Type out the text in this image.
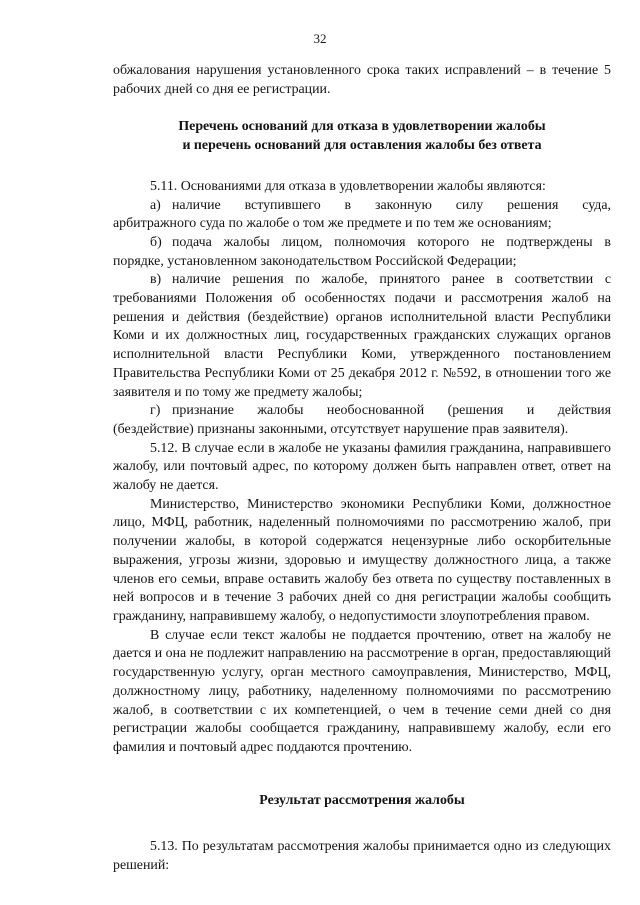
32

обжалования нарушения установленного срока таких исправлений – в течение 5 рабочих дней со дня ее регистрации.

Перечень оснований для отказа в удовлетворении жалобы

и перечень оснований для оставления жалобы без ответа

5.11. Основаниями для отказа в удовлетворении жалобы являются:

а) наличие вступившего в законную силу решения суда,

арбитражного суда по жалобе о том же предмете и по тем же основаниям;

б) подача жалобы лицом, полномочия которого не подтверждены в

порядке, установленном законодательством Российской Федерации;

в) наличие решения по жалобе, принятого ранее в соответствии с

требованиями Положения об особенностях подачи и рассмотрения жалоб на решения и действия (бездействие) органов исполнительной власти Республики Коми и их должностных лиц, государственных гражданских служащих органов исполнительной власти Республики Коми, утвержденного постановлением Правительства Республики Коми от 25 декабря 2012 г. №592, в отношении того же заявителя и по тому же предмету жалобы;

г) признание жалобы необоснованной (решения и действия

(бездействие) признаны законными, отсутствует нарушение прав заявителя).

5.12. В случае если в жалобе не указаны фамилия гражданина, направившего жалобу, или почтовый адрес, по которому должен быть направлен ответ, ответ на жалобу не дается.

Министерство, Министерство экономики Республики Коми, должностное лицо, МФЦ, работник, наделенный полномочиями по рассмотрению жалоб, при получении жалобы, в которой содержатся нецензурные либо оскорбительные выражения, угрозы жизни, здоровью и имуществу должностного лица, а также членов его семьи, вправе оставить жалобу без ответа по существу поставленных в ней вопросов и в течение 3 рабочих дней со дня регистрации жалобы сообщить гражданину, направившему жалобу, о недопустимости злоупотребления правом.

В случае если текст жалобы не поддается прочтению, ответ на жалобу не дается и она не подлежит направлению на рассмотрение в орган, предоставляющий государственную услугу, орган местного самоуправления, Министерство, МФЦ, должностному лицу, работнику, наделенному полномочиями по рассмотрению жалоб, в соответствии с их компетенцией, о чем в течение семи дней со дня регистрации жалобы сообщается гражданину, направившему жалобу, если его фамилия и почтовый адрес поддаются прочтению.

Результат рассмотрения жалобы

5.13. По результатам рассмотрения жалобы принимается одно из следующих решений:
